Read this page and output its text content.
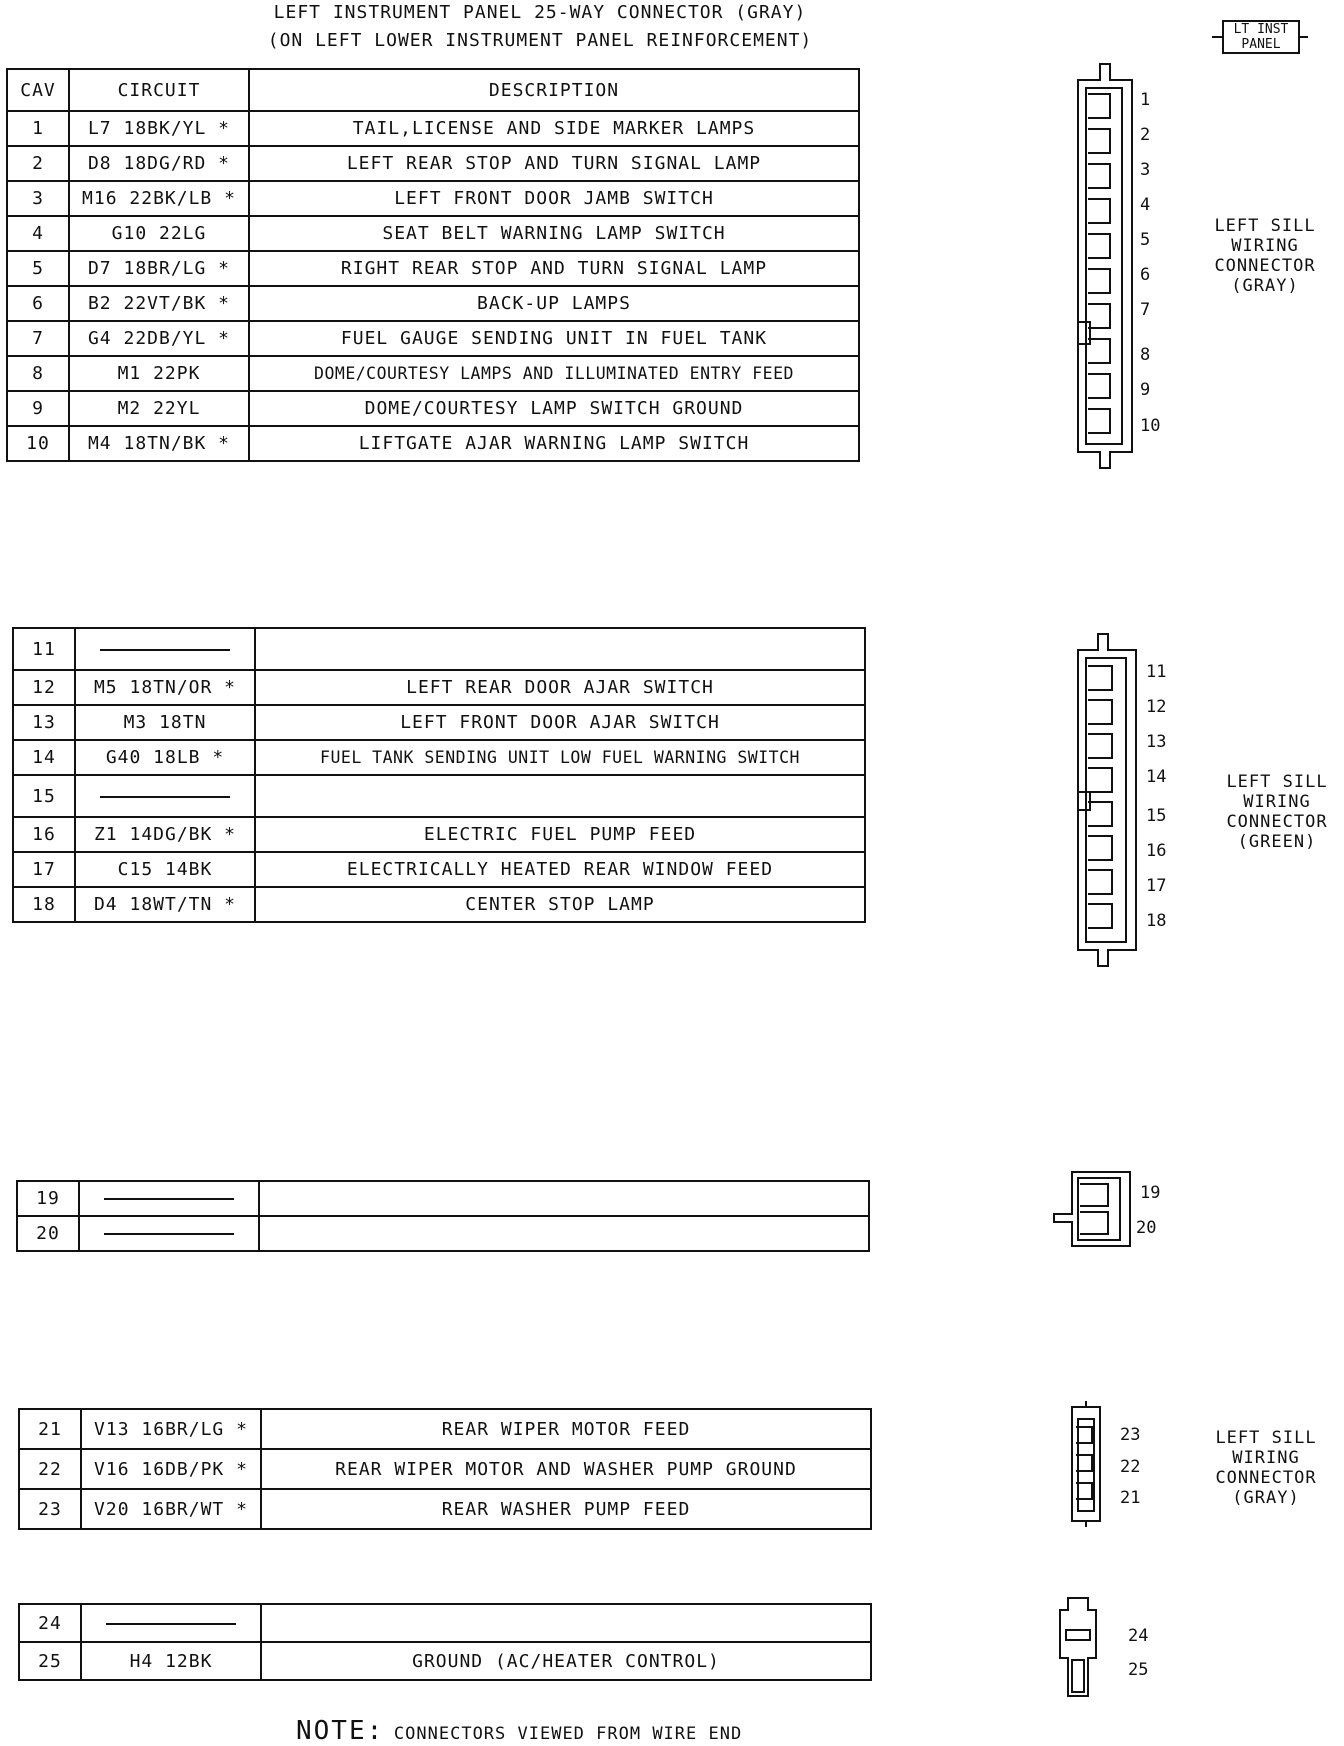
LEFT INSTRUMENT PANEL 25-WAY CONNECTOR (GRAY)
(ON LEFT LOWER INSTRUMENT PANEL REINFORCEMENT)
LT INST
PANEL
CAV	CIRCUIT	DESCRIPTION
1	L7 18BK/YL *	TAIL,LICENSE AND SIDE MARKER LAMPS
2	D8 18DG/RD *	LEFT REAR STOP AND TURN SIGNAL LAMP
3	M16 22BK/LB *	LEFT FRONT DOOR JAMB SWITCH
4	G10 22LG	SEAT BELT WARNING LAMP SWITCH
5	D7 18BR/LG *	RIGHT REAR STOP AND TURN SIGNAL LAMP
6	B2 22VT/BK *	BACK-UP LAMPS
7	G4 22DB/YL *	FUEL GAUGE SENDING UNIT IN FUEL TANK
8	M1 22PK	DOME/COURTESY LAMPS AND ILLUMINATED ENTRY FEED
9	M2 22YL	DOME/COURTESY LAMP SWITCH GROUND
10	M4 18TN/BK *	LIFTGATE AJAR WARNING LAMP SWITCH
11		
12	M5 18TN/OR *	LEFT REAR DOOR AJAR SWITCH
13	M3 18TN	LEFT FRONT DOOR AJAR SWITCH
14	G40 18LB *	FUEL TANK SENDING UNIT LOW FUEL WARNING SWITCH
15		
16	Z1 14DG/BK *	ELECTRIC FUEL PUMP FEED
17	C15 14BK	ELECTRICALLY HEATED REAR WINDOW FEED
18	D4 18WT/TN *	CENTER STOP LAMP
19		
20		
21	V13 16BR/LG *	REAR WIPER MOTOR FEED
22	V16 16DB/PK *	REAR WIPER MOTOR AND WASHER PUMP GROUND
23	V20 16BR/WT *	REAR WASHER PUMP FEED
24		
25	H4 12BK	GROUND (AC/HEATER CONTROL)
1
2
3
4
5
6
7
8
9
10
LEFT SILL
WIRING
CONNECTOR
(GRAY)
11
12
13
14
15
16
17
18
LEFT SILL
WIRING
CONNECTOR
(GREEN)
19
20
23
22
21
LEFT SILL
WIRING
CONNECTOR
(GRAY)
24
25
NOTE: CONNECTORS VIEWED FROM WIRE END
